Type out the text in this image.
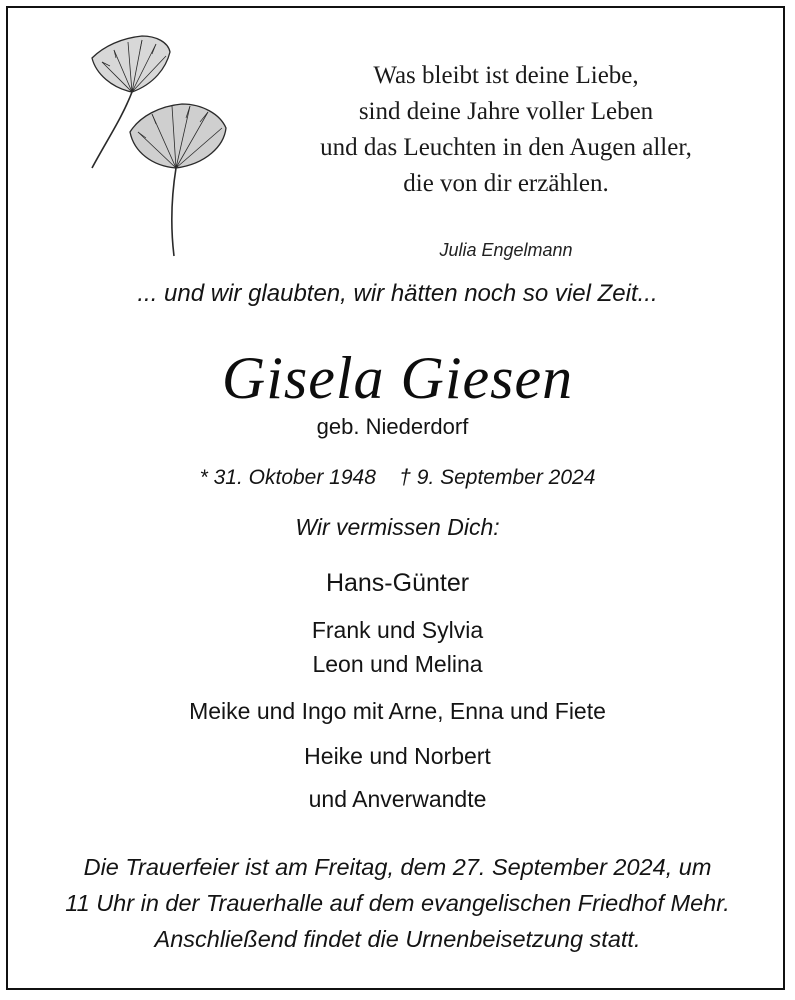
Was bleibt ist deine Liebe,
sind deine Jahre voller Leben
und das Leuchten in den Augen aller,
die von dir erzählen.
Julia Engelmann
... und wir glaubten, wir hätten noch so viel Zeit...
Gisela Giesen
geb. Niederdorf
* 31. Oktober 1948 † 9. September 2024
Wir vermissen Dich:
Hans-Günter
Frank und Sylvia
Leon und Melina
Meike und Ingo mit Arne, Enna und Fiete
Heike und Norbert
und Anverwandte
Die Trauerfeier ist am Freitag, dem 27. September 2024, um
11 Uhr in der Trauerhalle auf dem evangelischen Friedhof Mehr.
Anschließend findet die Urnenbeisetzung statt.
